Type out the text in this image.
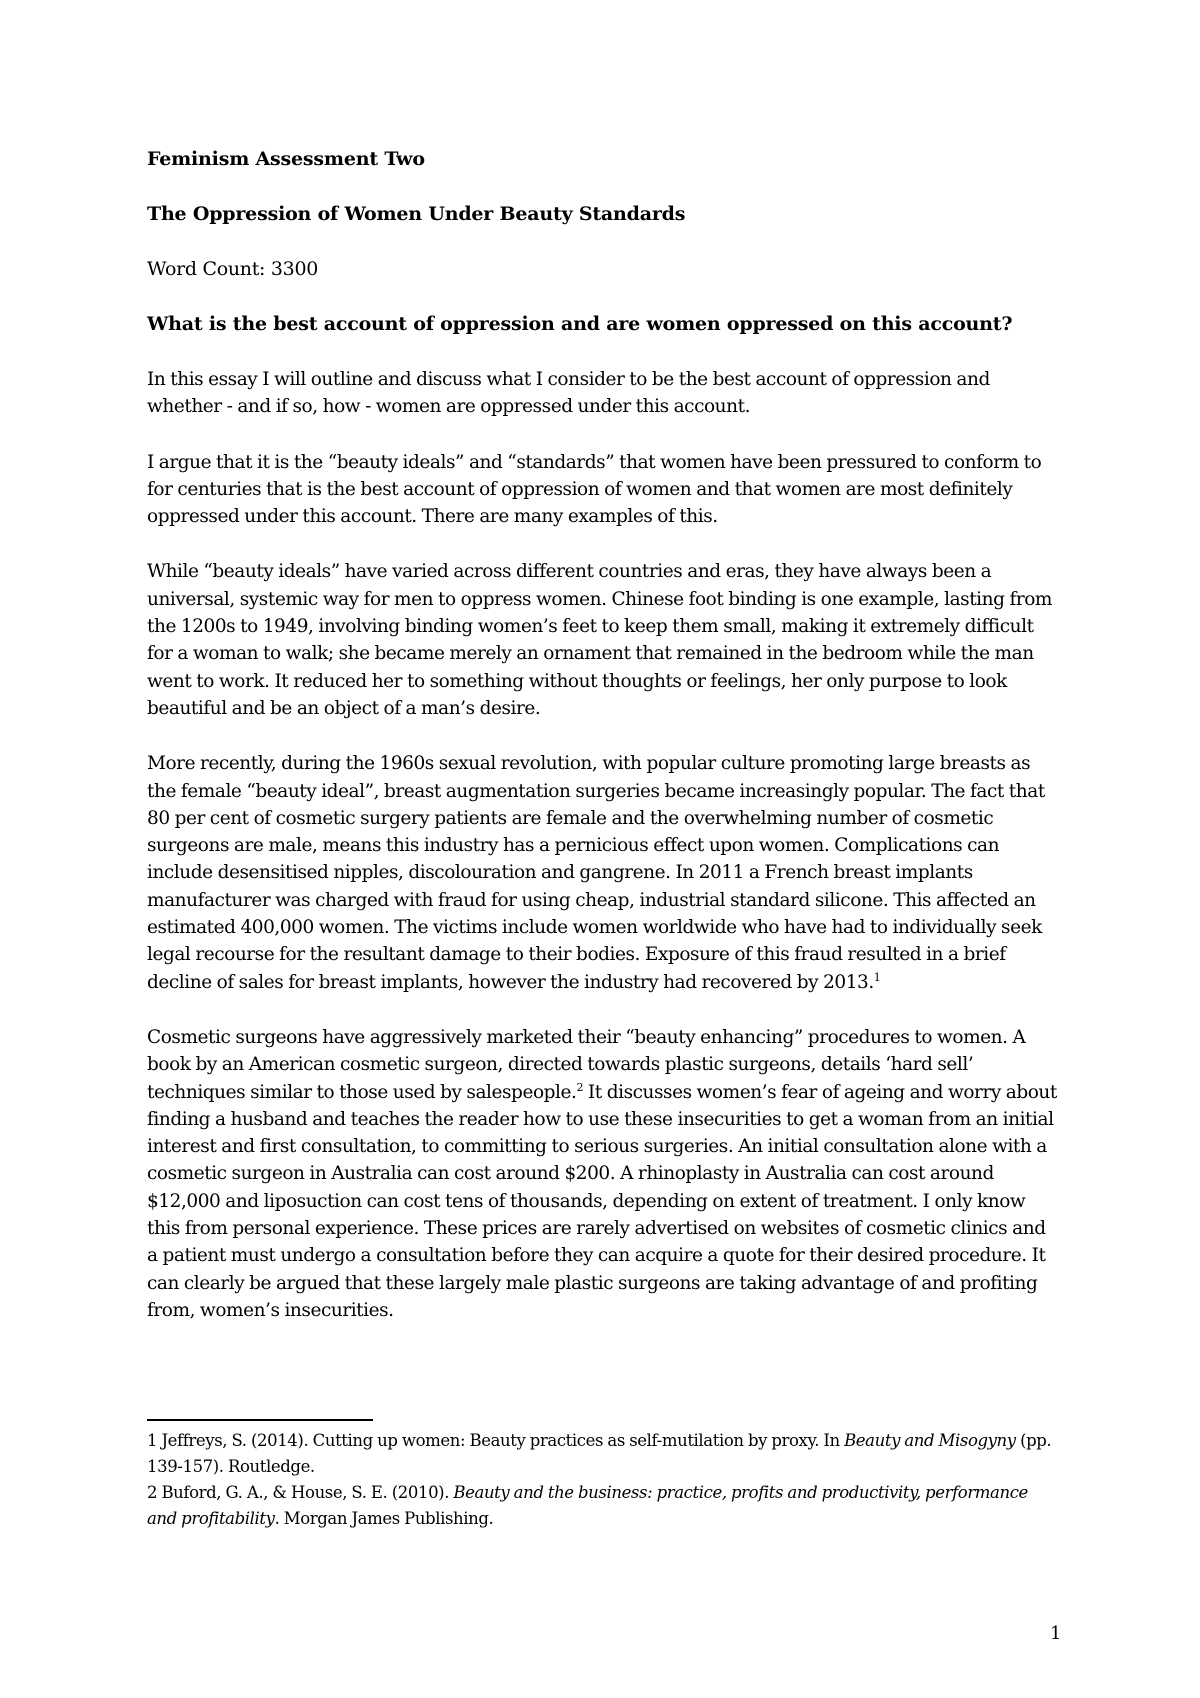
Feminism Assessment Two

The Oppression of Women Under Beauty Standards

Word Count: 3300

What is the best account of oppression and are women oppressed on this account?

In this essay I will outline and discuss what I consider to be the best account of oppression and whether - and if so, how - women are oppressed under this account.

I argue that it is the “beauty ideals” and “standards” that women have been pressured to conform to for centuries that is the best account of oppression of women and that women are most definitely oppressed under this account. There are many examples of this.

While “beauty ideals” have varied across different countries and eras, they have always been a universal, systemic way for men to oppress women. Chinese foot binding is one example, lasting from the 1200s to 1949, involving binding women’s feet to keep them small, making it extremely difficult for a woman to walk; she became merely an ornament that remained in the bedroom while the man went to work. It reduced her to something without thoughts or feelings, her only purpose to look beautiful and be an object of a man’s desire.

More recently, during the 1960s sexual revolution, with popular culture promoting large breasts as the female “beauty ideal”, breast augmentation surgeries became increasingly popular. The fact that 80 per cent of cosmetic surgery patients are female and the overwhelming number of cosmetic surgeons are male, means this industry has a pernicious effect upon women. Complications can include desensitised nipples, discolouration and gangrene. In 2011 a French breast implants manufacturer was charged with fraud for using cheap, industrial standard silicone. This affected an estimated 400,000 women. The victims include women worldwide who have had to individually seek legal recourse for the resultant damage to their bodies. Exposure of this fraud resulted in a brief decline of sales for breast implants, however the industry had recovered by 2013.$^1$

Cosmetic surgeons have aggressively marketed their “beauty enhancing” procedures to women. A book by an American cosmetic surgeon, directed towards plastic surgeons, details ‘hard sell’ techniques similar to those used by salespeople.$^2$ It discusses women’s fear of ageing and worry about finding a husband and teaches the reader how to use these insecurities to get a woman from an initial interest and first consultation, to committing to serious surgeries. An initial consultation alone with a cosmetic surgeon in Australia can cost around $200. A rhinoplasty in Australia can cost around $12,000 and liposuction can cost tens of thousands, depending on extent of treatment. I only know this from personal experience. These prices are rarely advertised on websites of cosmetic clinics and a patient must undergo a consultation before they can acquire a quote for their desired procedure. It can clearly be argued that these largely male plastic surgeons are taking advantage of and profiting from, women’s insecurities.

1 Jeffreys, S. (2014). Cutting up women: Beauty practices as self-mutilation by proxy. In Beauty and Misogyny (pp. 139-157). Routledge.

2 Buford, G. A., & House, S. E. (2010). Beauty and the business: practice, profits and productivity, performance and profitability. Morgan James Publishing.

1
